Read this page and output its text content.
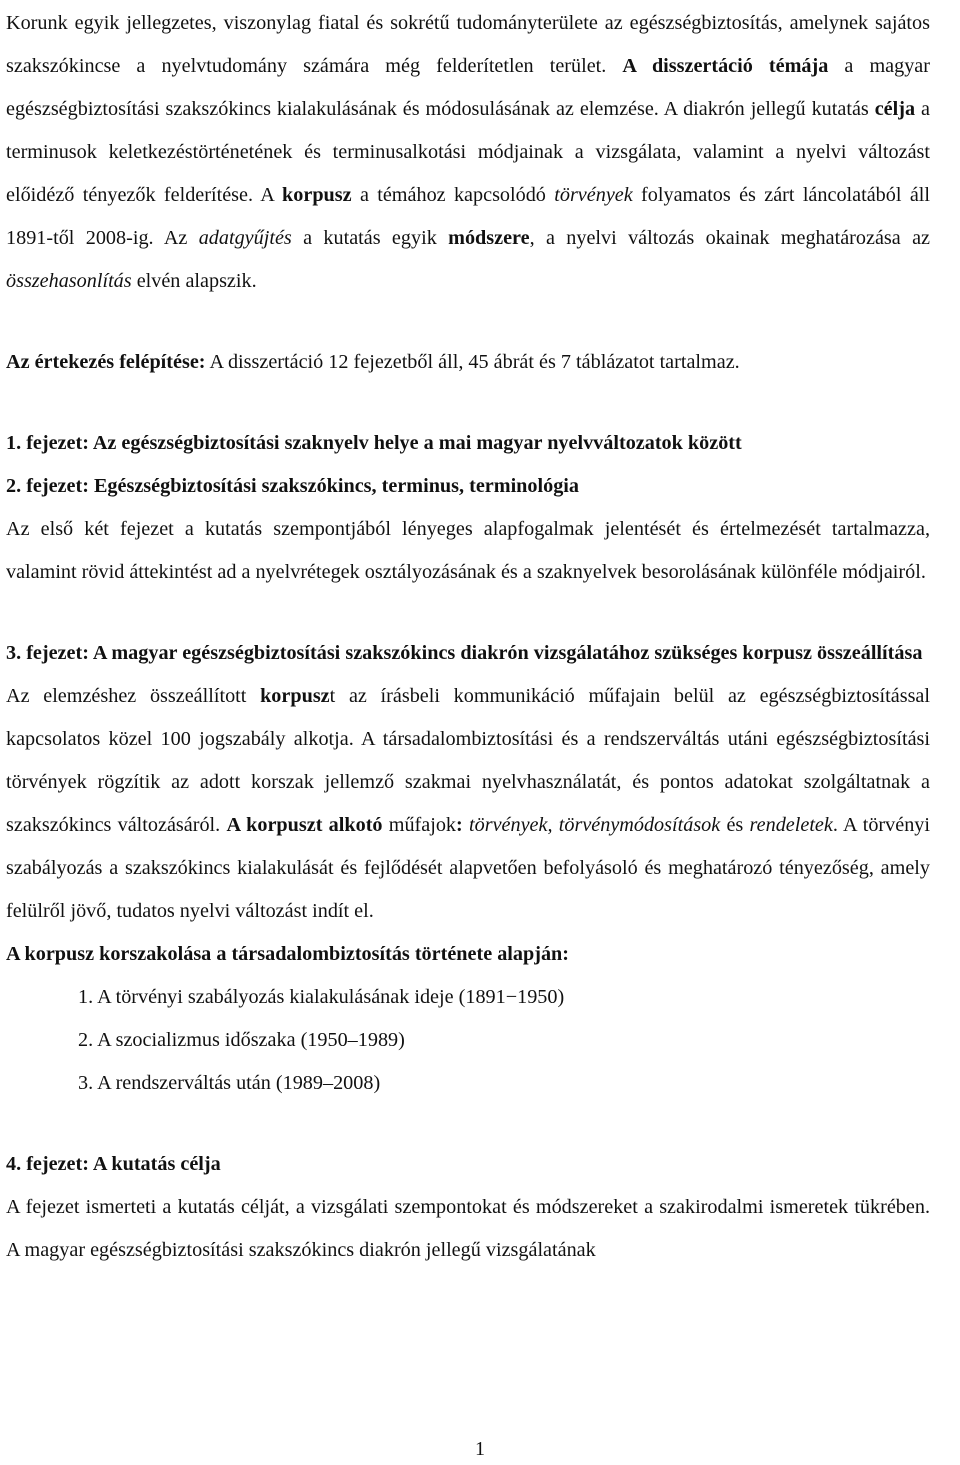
Korunk egyik jellegzetes, viszonylag fiatal és sokrétű tudományterülete az egészségbiztosítás, amelynek sajátos szakszókincse a nyelvtudomány számára még felderítetlen terület. A disszertáció témája a magyar egészségbiztosítási szakszókincs kialakulásának és módosulásának az elemzése. A diakrón jellegű kutatás célja a terminusok keletkezéstörténetének és terminusalkotási módjainak a vizsgálata, valamint a nyelvi változást előidéző tényezők felderítése. A korpusz a témához kapcsolódó törvények folyamatos és zárt láncolatából áll 1891-től 2008-ig. Az adatgyűjtés a kutatás egyik módszere, a nyelvi változás okainak meghatározása az összehasonlítás elvén alapszik.

Az értekezés felépítése: A disszertáció 12 fejezetből áll, 45 ábrát és 7 táblázatot tartalmaz.

1. fejezet: Az egészségbiztosítási szaknyelv helye a mai magyar nyelvváltozatok között

2. fejezet: Egészségbiztosítási szakszókincs, terminus, terminológia

Az első két fejezet a kutatás szempontjából lényeges alapfogalmak jelentését és értelmezését tartalmazza, valamint rövid áttekintést ad a nyelvrétegek osztályozásának és a szaknyelvek besorolásának különféle módjairól.

3. fejezet: A magyar egészségbiztosítási szakszókincs diakrón vizsgálatához szükséges korpusz összeállítása

Az elemzéshez összeállított korpuszt az írásbeli kommunikáció műfajain belül az egészségbiztosítással kapcsolatos közel 100 jogszabály alkotja. A társadalombiztosítási és a rendszerváltás utáni egészségbiztosítási törvények rögzítik az adott korszak jellemző szakmai nyelvhasználatát, és pontos adatokat szolgáltatnak a szakszókincs változásáról. A korpuszt alkotó műfajok: törvények, törvénymódosítások és rendeletek. A törvényi szabályozás a szakszókincs kialakulását és fejlődését alapvetően befolyásoló és meghatározó tényezőség, amely felülről jövő, tudatos nyelvi változást indít el.

A korpusz korszakolása a társadalombiztosítás története alapján:

1. A törvényi szabályozás kialakulásának ideje (1891−1950)
2. A szocializmus időszaka (1950–1989)
3. A rendszerváltás után (1989–2008)

4. fejezet: A kutatás célja

A fejezet ismerteti a kutatás célját, a vizsgálati szempontokat és módszereket a szakirodalmi ismeretek tükrében. A magyar egészségbiztosítási szakszókincs diakrón jellegű vizsgálatának

1
